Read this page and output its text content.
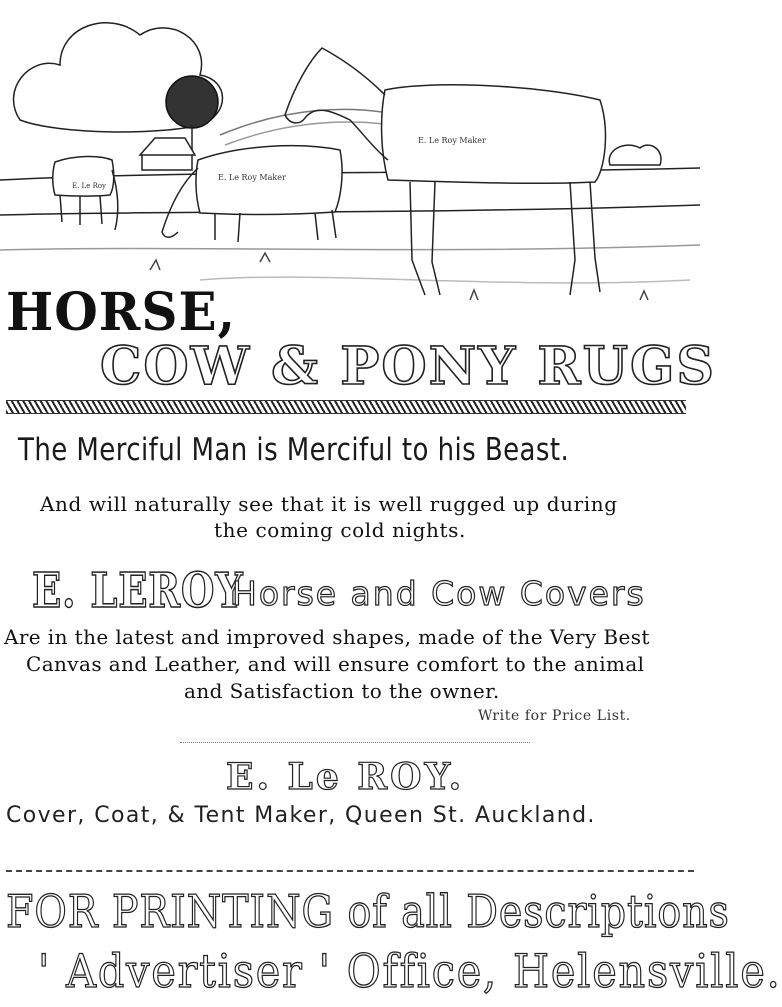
E. Le Roy Maker
E. Le Roy Maker
E. Le Roy
HORSE,
COW & PONY RUGS
The Merciful Man is Merciful to his Beast.
And will naturally see that it is well rugged up during
the coming cold nights.
E. LEROY
Horse and Cow Covers
Are in the latest and improved shapes, made of the Very Best
Canvas and Leather, and will ensure comfort to the animal
and Satisfaction to the owner.
Write for Price List.
E. Le ROY.
Cover, Coat, & Tent Maker, Queen St. Auckland.
FOR PRINTING of all Descriptions
' Advertiser ' Office, Helensville.
